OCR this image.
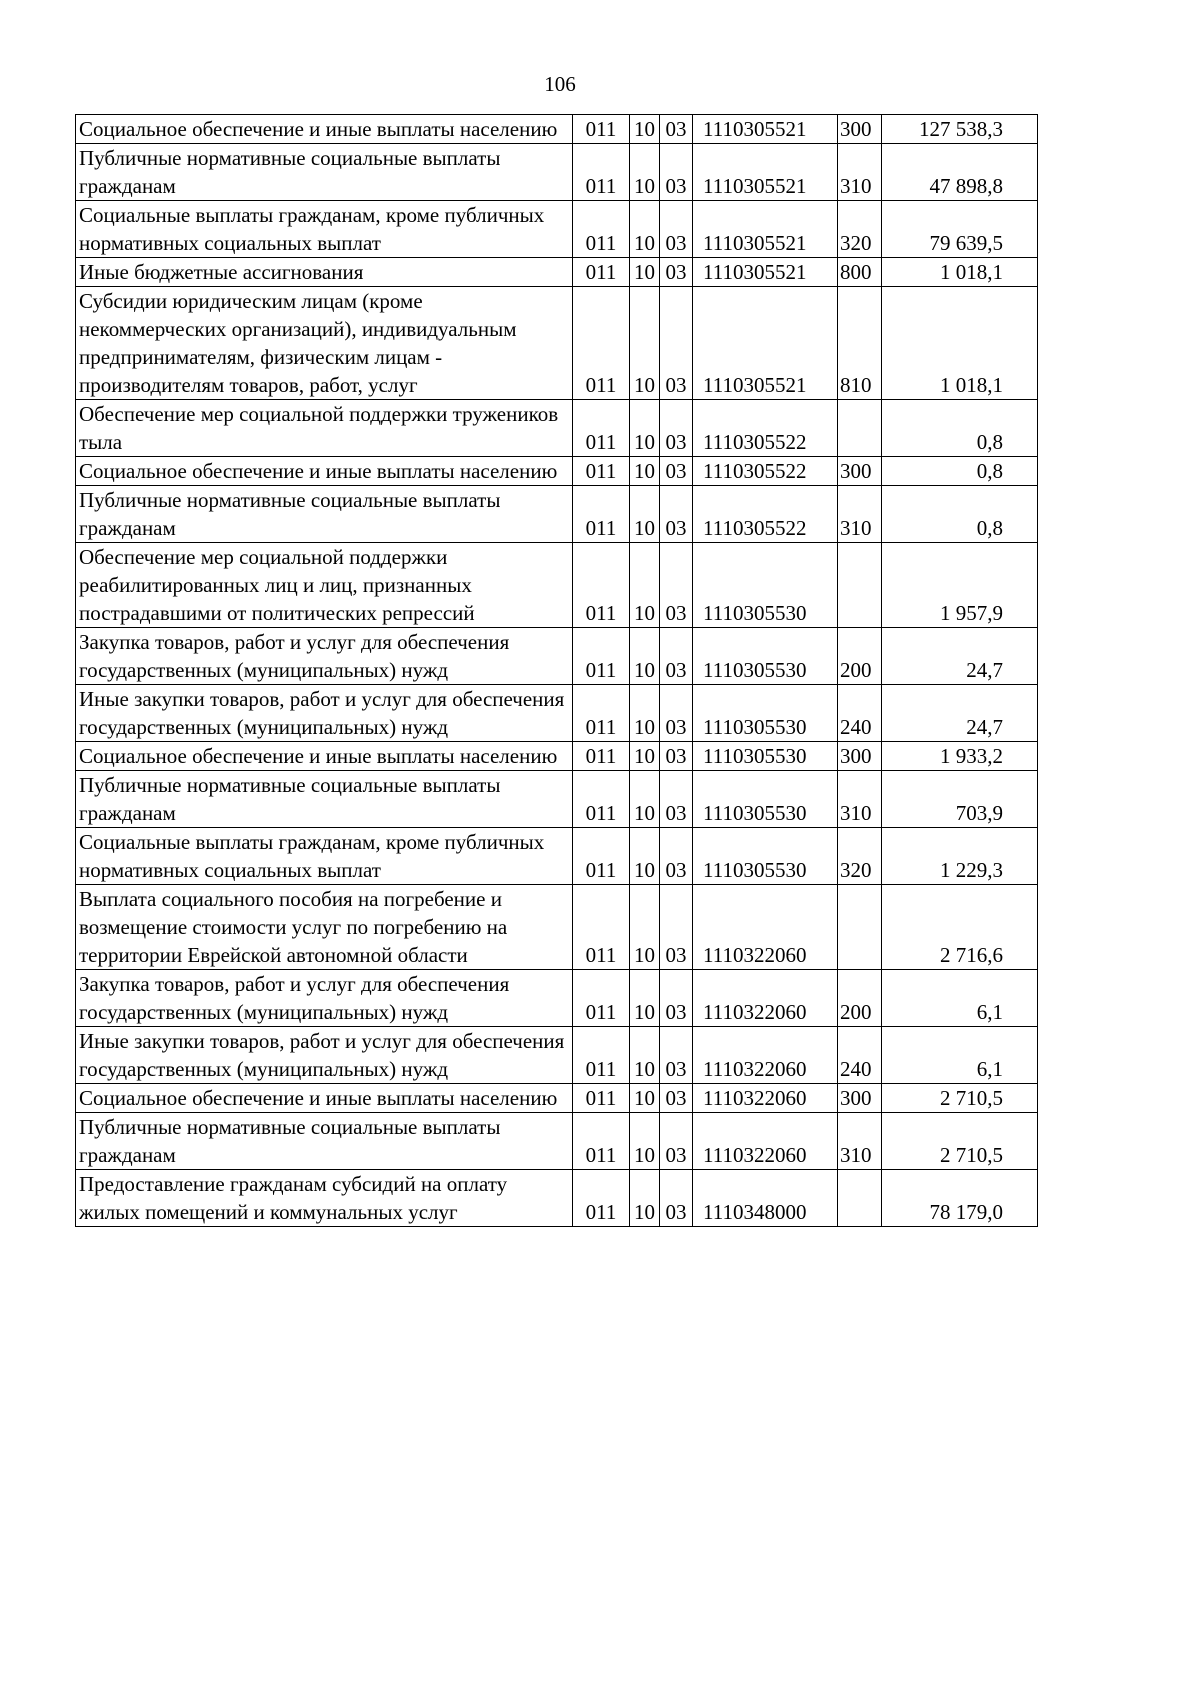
106
Социальное обеспечение и иные выплаты населению	011	10	03	1110305521	300	127 538,3
Публичные нормативные социальные выплаты гражданам	011	10	03	1110305521	310	47 898,8
Социальные выплаты гражданам, кроме публичных нормативных социальных выплат	011	10	03	1110305521	320	79 639,5
Иные бюджетные ассигнования	011	10	03	1110305521	800	1 018,1
Субсидии юридическим лицам (кроме некоммерческих организаций), индивидуальным предпринимателям, физическим лицам - производителям товаров, работ, услуг	011	10	03	1110305521	810	1 018,1
Обеспечение мер социальной поддержки тружеников тыла	011	10	03	1110305522		0,8
Социальное обеспечение и иные выплаты населению	011	10	03	1110305522	300	0,8
Публичные нормативные социальные выплаты гражданам	011	10	03	1110305522	310	0,8
Обеспечение мер социальной поддержки реабилитированных лиц и лиц, признанных пострадавшими от политических репрессий	011	10	03	1110305530		1 957,9
Закупка товаров, работ и услуг для обеспечения государственных (муниципальных) нужд	011	10	03	1110305530	200	24,7
Иные закупки товаров, работ и услуг для обеспечения государственных (муниципальных) нужд	011	10	03	1110305530	240	24,7
Социальное обеспечение и иные выплаты населению	011	10	03	1110305530	300	1 933,2
Публичные нормативные социальные выплаты гражданам	011	10	03	1110305530	310	703,9
Социальные выплаты гражданам, кроме публичных нормативных социальных выплат	011	10	03	1110305530	320	1 229,3
Выплата социального пособия на погребение и возмещение стоимости услуг по погребению на территории Еврейской автономной области	011	10	03	1110322060		2 716,6
Закупка товаров, работ и услуг для обеспечения государственных (муниципальных) нужд	011	10	03	1110322060	200	6,1
Иные закупки товаров, работ и услуг для обеспечения государственных (муниципальных) нужд	011	10	03	1110322060	240	6,1
Социальное обеспечение и иные выплаты населению	011	10	03	1110322060	300	2 710,5
Публичные нормативные социальные выплаты гражданам	011	10	03	1110322060	310	2 710,5
Предоставление гражданам субсидий на оплату жилых помещений и коммунальных услуг	011	10	03	1110348000		78 179,0
